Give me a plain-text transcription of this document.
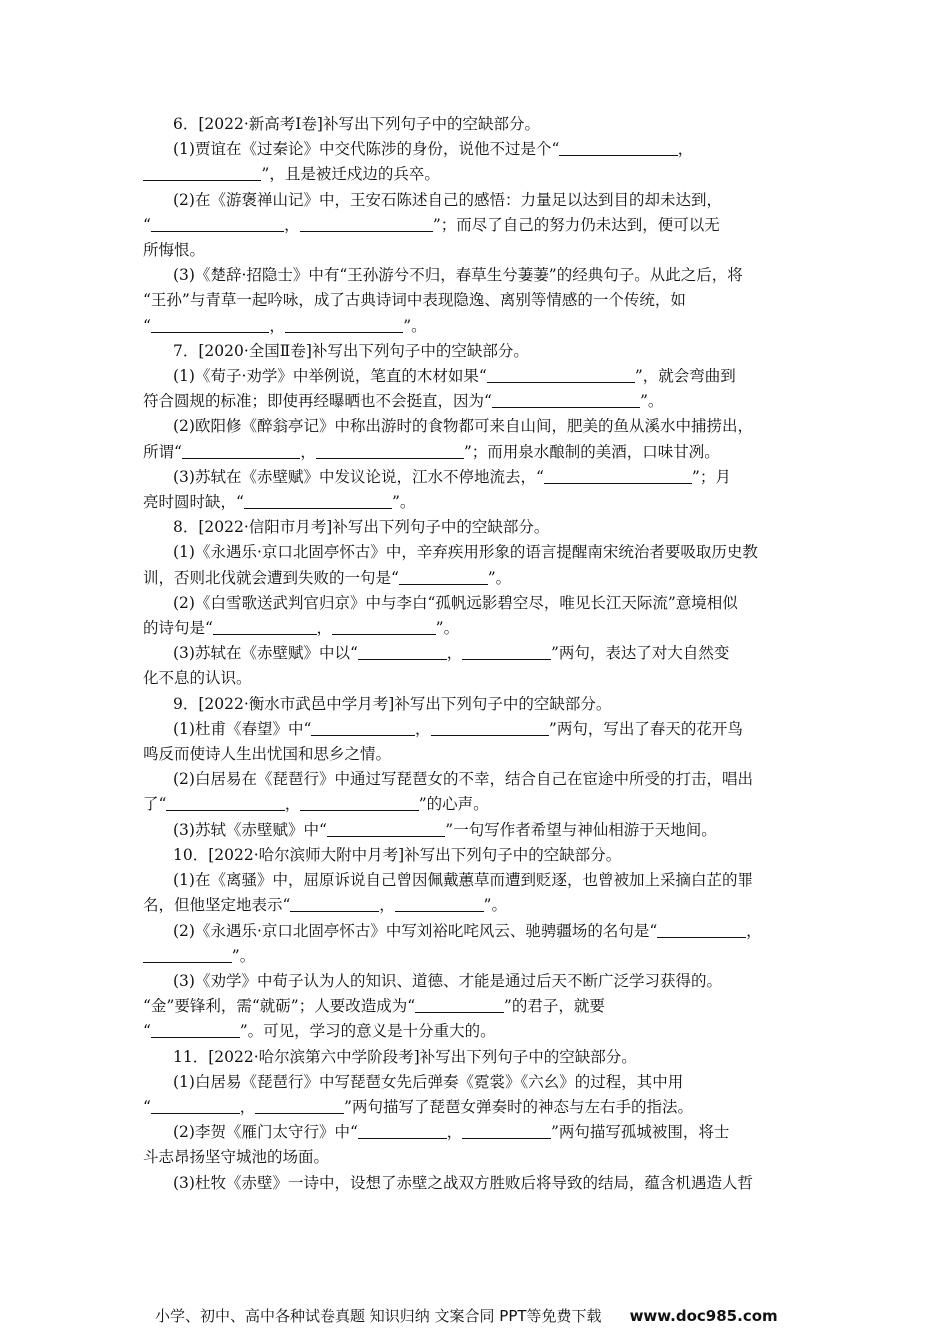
6．[2022·新高考Ⅰ卷]补写出下列句子中的空缺部分。
(1)贾谊在《过秦论》中交代陈涉的身份，说他不过是个“	，
”，且是被迁戍边的兵卒。
(2)在《游褒禅山记》中，王安石陈述自己的感悟：力量足以达到目的却未达到，
“	，	”；而尽了自己的努力仍未达到，便可以无
所悔恨。
(3)《楚辞·招隐士》中有“王孙游兮不归，春草生兮萋萋”的经典句子。从此之后，将
“王孙”与青草一起吟咏，成了古典诗词中表现隐逸、离别等情感的一个传统，如
“	，	”。
7．[2020·全国Ⅱ卷]补写出下列句子中的空缺部分。
(1)《荀子·劝学》中举例说，笔直的木材如果“	”，就会弯曲到
符合圆规的标准；即使再经曝晒也不会挺直，因为“	”。
(2)欧阳修《醉翁亭记》中称出游时的食物都可来自山间，肥美的鱼从溪水中捕捞出，
所谓“	，	”；而用泉水酿制的美酒，口味甘冽。
(3)苏轼在《赤壁赋》中发议论说，江水不停地流去，“	”；月
亮时圆时缺，“	”。
8．[2022·信阳市月考]补写出下列句子中的空缺部分。
(1)《永遇乐·京口北固亭怀古》中，辛弃疾用形象的语言提醒南宋统治者要吸取历史教
训，否则北伐就会遭到失败的一句是“	”。
(2)《白雪歌送武判官归京》中与李白“孤帆远影碧空尽，唯见长江天际流”意境相似
的诗句是“	，	”。
(3)苏轼在《赤壁赋》中以“	，	”两句，表达了对大自然变
化不息的认识。
9．[2022·衡水市武邑中学月考]补写出下列句子中的空缺部分。
(1)杜甫《春望》中“	，	”两句，写出了春天的花开鸟
鸣反而使诗人生出忧国和思乡之情。
(2)白居易在《琵琶行》中通过写琵琶女的不幸，结合自己在宦途中所受的打击，唱出
了“	，	”的心声。
(3)苏轼《赤壁赋》中“	”一句写作者希望与神仙相游于天地间。
10．[2022·哈尔滨师大附中月考]补写出下列句子中的空缺部分。
(1)在《离骚》中，屈原诉说自己曾因佩戴蕙草而遭到贬逐，也曾被加上采摘白芷的罪
名，但他坚定地表示“	，	”。
(2)《永遇乐·京口北固亭怀古》中写刘裕叱咤风云、驰骋疆场的名句是“	，
”。
(3)《劝学》中荀子认为人的知识、道德、才能是通过后天不断广泛学习获得的。
“金”要锋利，需“就砺”；人要改造成为“	”的君子，就要
“	”。可见，学习的意义是十分重大的。
11．[2022·哈尔滨第六中学阶段考]补写出下列句子中的空缺部分。
(1)白居易《琵琶行》中写琵琶女先后弹奏《霓裳》《六幺》的过程，其中用
“	，	”两句描写了琵琶女弹奏时的神态与左右手的指法。
(2)李贺《雁门太守行》中“	，	”两句描写孤城被围，将士
斗志昂扬坚守城池的场面。
(3)杜牧《赤壁》一诗中，设想了赤壁之战双方胜败后将导致的结局，蕴含机遇造人哲
小学、初中、高中各种试卷真题 知识归纳 文案合同 PPT等免费下载 www.doc985.com
